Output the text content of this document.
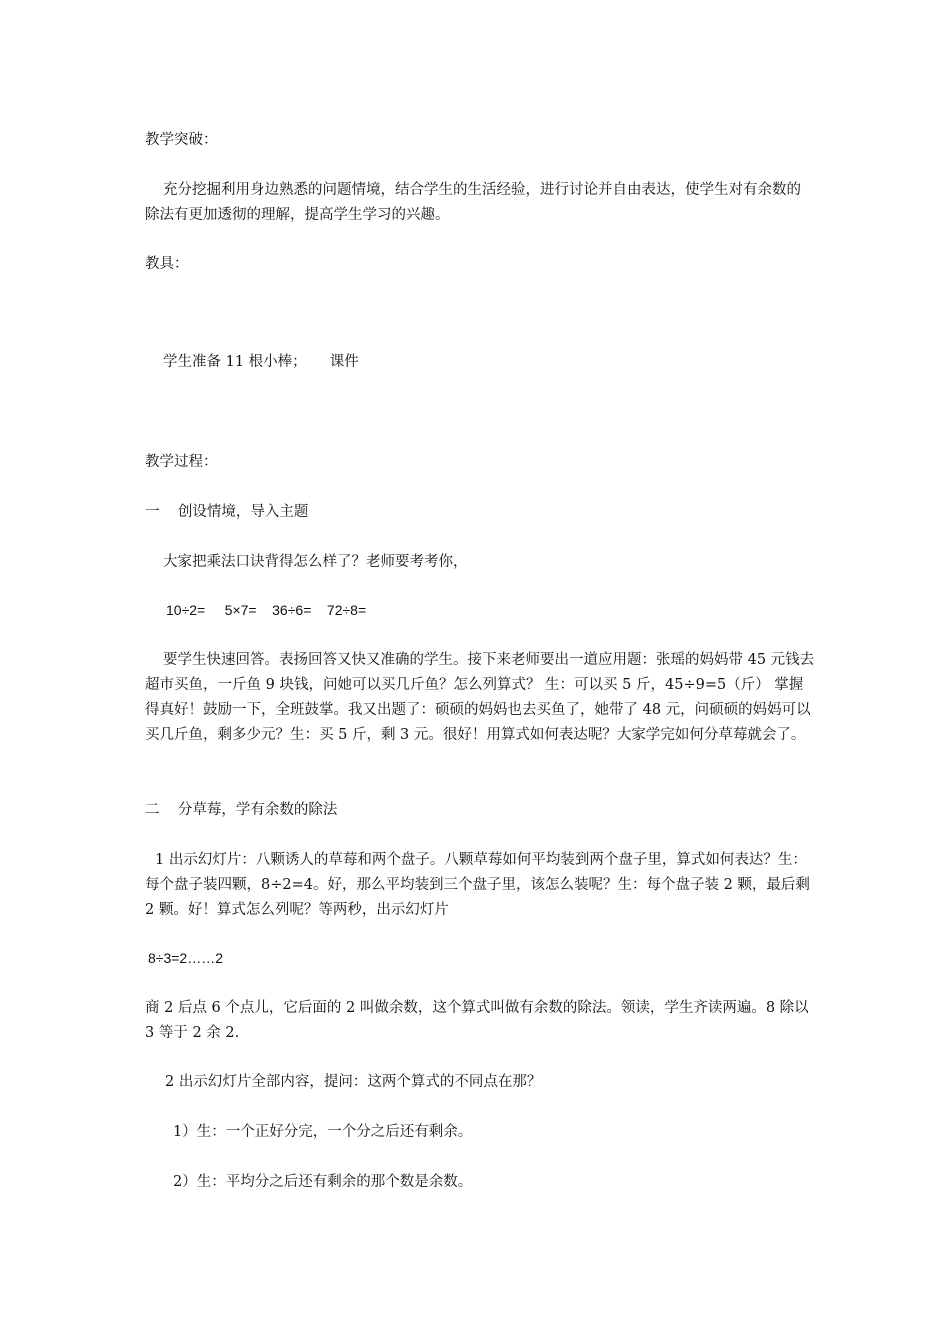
教学突破：

充分挖掘利用身边熟悉的问题情境，结合学生的生活经验，进行讨论并自由表达，使学生对有余数的除法有更加透彻的理解，提高学生学习的兴趣。

教具：

学生准备 11 根小棒；     课件

教学过程：

一    创设情境，导入主题

大家把乘法口诀背得怎么样了？老师要考考你，

10÷2=     5×7=    36÷6=    72÷8=

要学生快速回答。表扬回答又快又准确的学生。接下来老师要出一道应用题：张瑶的妈妈带 45 元钱去超市买鱼，一斤鱼 9 块钱，问她可以买几斤鱼？怎么列算式？ 生：可以买 5 斤，45÷9=5（斤） 掌握得真好！鼓励一下，全班鼓掌。我又出题了：硕硕的妈妈也去买鱼了，她带了 48 元，问硕硕的妈妈可以买几斤鱼，剩多少元？生：买 5 斤，剩 3 元。很好！用算式如何表达呢？大家学完如何分草莓就会了。

二    分草莓，学有余数的除法

1 出示幻灯片：八颗诱人的草莓和两个盘子。八颗草莓如何平均装到两个盘子里，算式如何表达？生：每个盘子装四颗，8÷2=4。好，那么平均装到三个盘子里，该怎么装呢？生：每个盘子装 2 颗，最后剩 2 颗。好！算式怎么列呢？等两秒，出示幻灯片

8÷3=2……2

商 2 后点 6 个点儿，它后面的 2 叫做余数，这个算式叫做有余数的除法。领读，学生齐读两遍。8 除以 3 等于 2 余 2.

2 出示幻灯片全部内容，提问：这两个算式的不同点在那？

1）生：一个正好分完，一个分之后还有剩余。

2）生：平均分之后还有剩余的那个数是余数。
